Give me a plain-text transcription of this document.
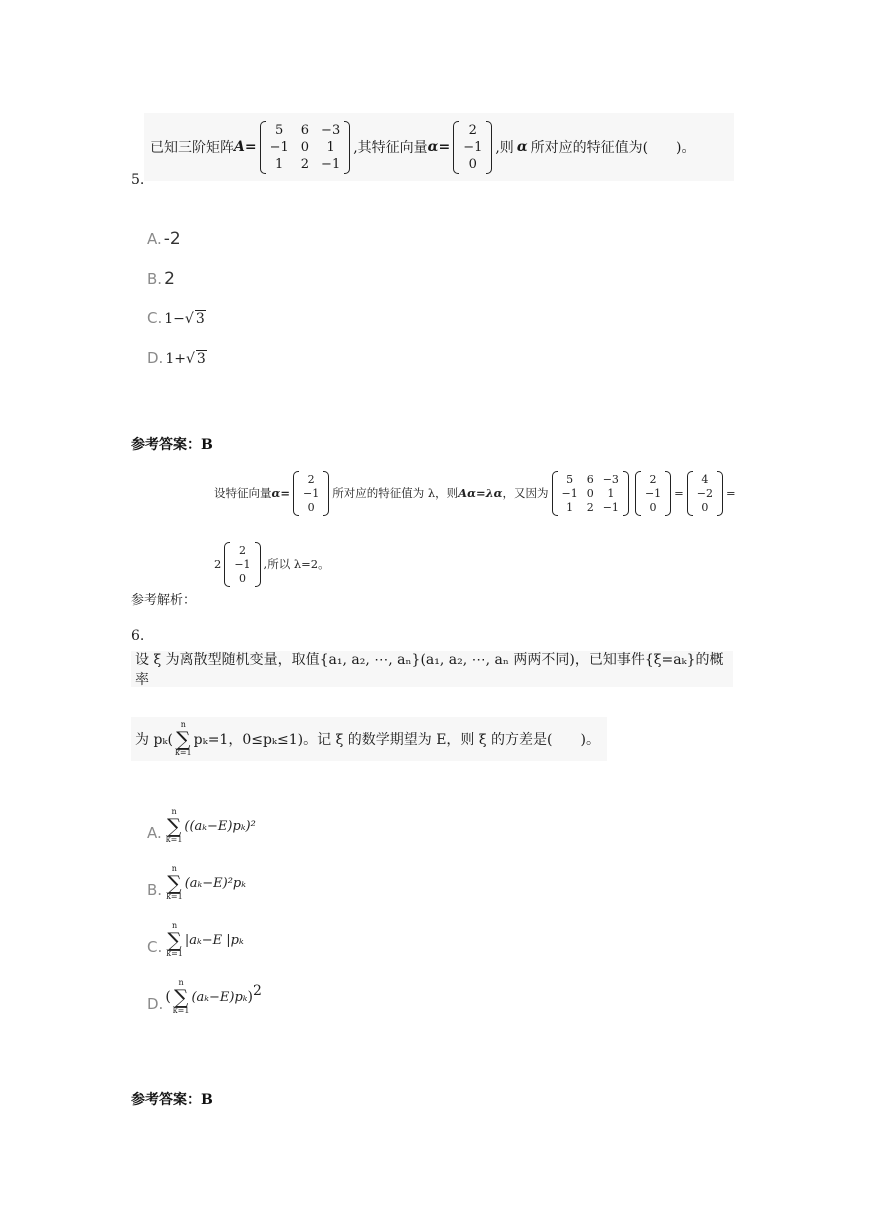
5.
已知三阶矩阵 A=
5	6 −3
−1 0	1
1	2 −1
,其特征向量 α=
2
−1
0
,则 α 所对应的特征值为(　　)。
A. -2
B. 2
C. 1−√ 3
D. 1+√ 3
参考答案：B
设特征向量 α=
2
−1
0
所对应的特征值为 λ，则 Aα=λα ，又因为
5	6 −3
−1 0	1
1	2 −1
2
−1
0
=
4
−2
0
=
2
2
−1
0
,所以 λ=2。
参考解析：
6.
设 ξ 为离散型随机变量，取值{a₁, a₂, ⋯, aₙ}(a₁, a₂, ⋯, aₙ 两两不同)，已知事件{ξ=aₖ}的概率
为 pₖ(
n
∑
k=1
pₖ=1，0≤pₖ≤1)。记 ξ 的数学期望为 E，则 ξ 的方差是(　　)。
A.
n
∑
k=1
((aₖ−E)pₖ)²
B.
n
∑
k=1
(aₖ−E)²pₖ
C.
n
∑
k=1
|aₖ−E |pₖ
D. (
n
∑
k=1
(aₖ−E)pₖ )$^2$
参考答案：B
